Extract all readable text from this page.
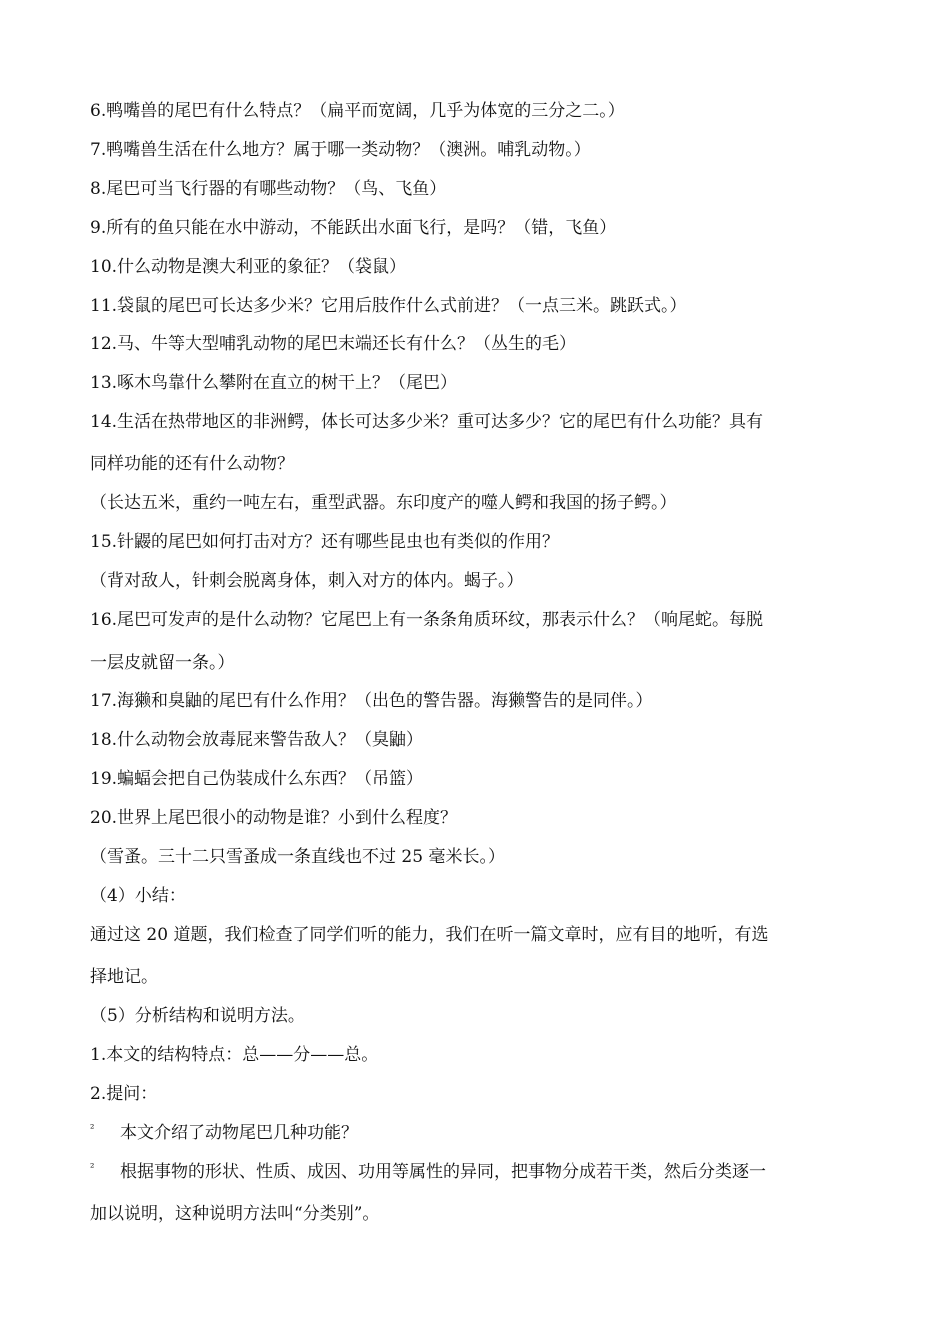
6.鸭嘴兽的尾巴有什么特点？（扁平而宽阔，几乎为体宽的三分之二。）
7.鸭嘴兽生活在什么地方？属于哪一类动物？（澳洲。哺乳动物。）
8.尾巴可当飞行器的有哪些动物？（鸟、飞鱼）
9.所有的鱼只能在水中游动，不能跃出水面飞行，是吗？（错，飞鱼）
10.什么动物是澳大利亚的象征？（袋鼠）
11.袋鼠的尾巴可长达多少米？它用后肢作什么式前进？（一点三米。跳跃式。）
12.马、牛等大型哺乳动物的尾巴末端还长有什么？（丛生的毛）
13.啄木鸟靠什么攀附在直立的树干上？（尾巴）
14.生活在热带地区的非洲鳄，体长可达多少米？重可达多少？它的尾巴有什么功能？具有
同样功能的还有什么动物？
（长达五米，重约一吨左右，重型武器。东印度产的噬人鳄和我国的扬子鳄。）
15.针鼹的尾巴如何打击对方？还有哪些昆虫也有类似的作用？
（背对敌人，针刺会脱离身体，刺入对方的体内。蝎子。）
16.尾巴可发声的是什么动物？它尾巴上有一条条角质环纹，那表示什么？（响尾蛇。每脱
一层皮就留一条。）
17.海獭和臭鼬的尾巴有什么作用？（出色的警告器。海獭警告的是同伴。）
18.什么动物会放毒屁来警告敌人？（臭鼬）
19.蝙蝠会把自己伪装成什么东西？（吊篮）
20.世界上尾巴很小的动物是谁？小到什么程度？
（雪蚤。三十二只雪蚤成一条直线也不过 25 毫米长。）
（4）小结：
通过这 20 道题，我们检查了同学们听的能力，我们在听一篇文章时，应有目的地听，有选
择地记。
（5）分析结构和说明方法。
1.本文的结构特点：总——分——总。
2.提问：
² 本文介绍了动物尾巴几种功能？
² 根据事物的形状、性质、成因、功用等属性的异同，把事物分成若干类，然后分类逐一
加以说明，这种说明方法叫“分类别”。
